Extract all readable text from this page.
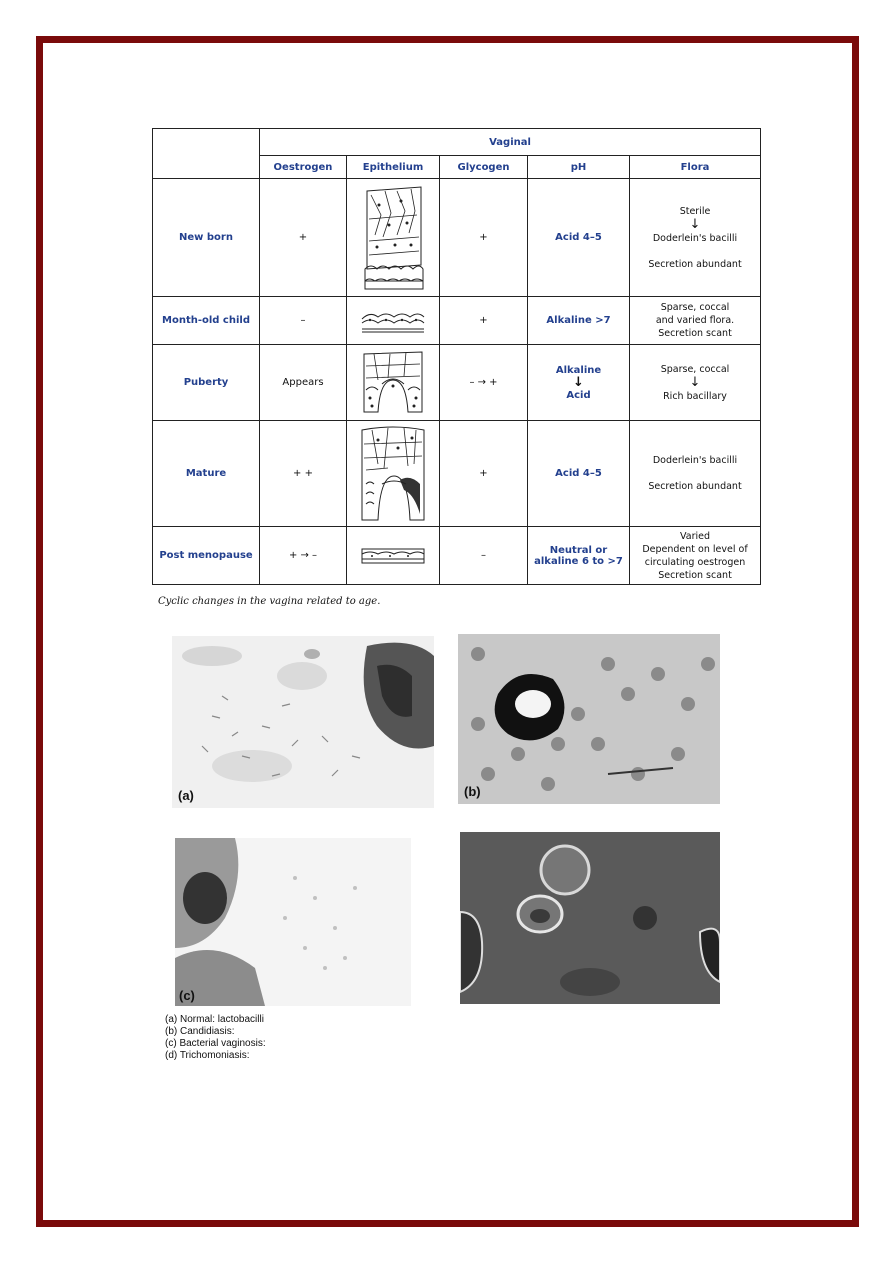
	Vaginal				
	Oestrogen	Epithelium	Glycogen	pH	Flora
New born	+		+	Acid 4–5	Sterile

↓
Doderlein's bacilli

Secretion abundant
Month-old child	–		+	Alkaline >7	Sparse, coccal
and varied flora.
Secretion scant
Puberty	Appears		– → +	Alkaline

↓
Acid	Sparse, coccal

↓
Rich bacillary
Mature	+ +		+	Acid 4–5	Doderlein's bacilli

Secretion abundant
Post menopause	+ → –		–	Neutral or
alkaline 6 to >7	Varied
Dependent on level of
circulating oestrogen
Secretion scant
Cyclic changes in the vagina related to age.
(a)	(b)
(c)
(a) Normal: lactobacilli
(b) Candidiasis:
(c) Bacterial vaginosis:
(d) Trichomoniasis:
